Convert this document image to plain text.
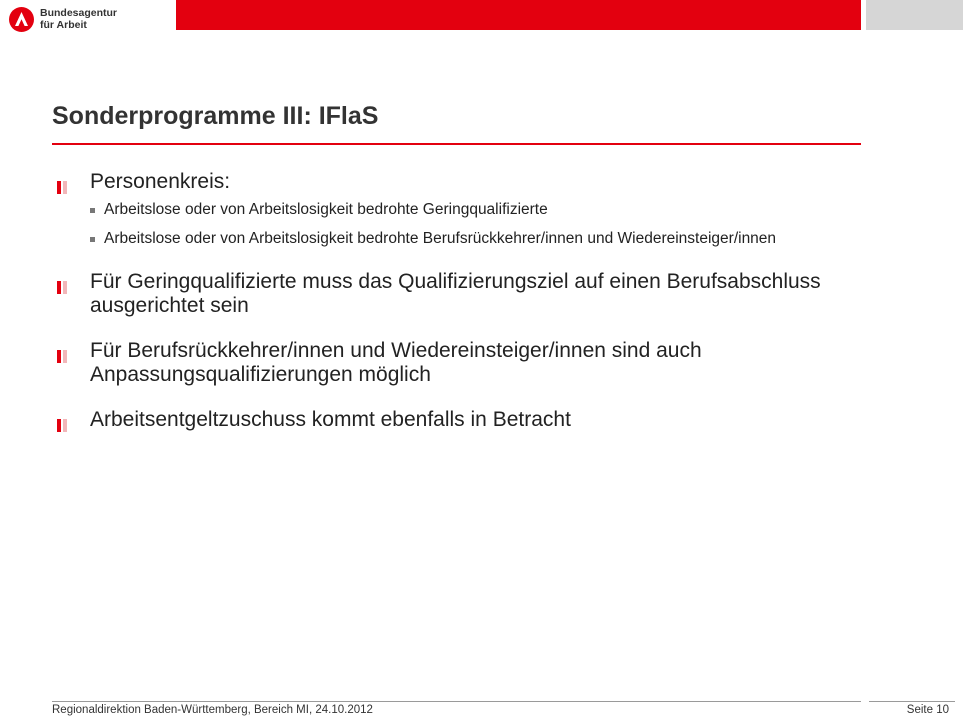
Bundesagentur
für Arbeit
Sonderprogramme III: IFlaS
Personenkreis:
Arbeitslose oder von Arbeitslosigkeit bedrohte Geringqualifizierte
Arbeitslose oder von Arbeitslosigkeit bedrohte Berufsrückkehrer/innen und Wiedereinsteiger/innen
Für Geringqualifizierte muss das Qualifizierungsziel auf einen Berufsabschluss ausgerichtet sein
Für Berufsrückkehrer/innen und Wiedereinsteiger/innen sind auch Anpassungsqualifizierungen möglich
Arbeitsentgeltzuschuss kommt ebenfalls in Betracht
Regionaldirektion Baden-Württemberg, Bereich MI, 24.10.2012	Seite 10
